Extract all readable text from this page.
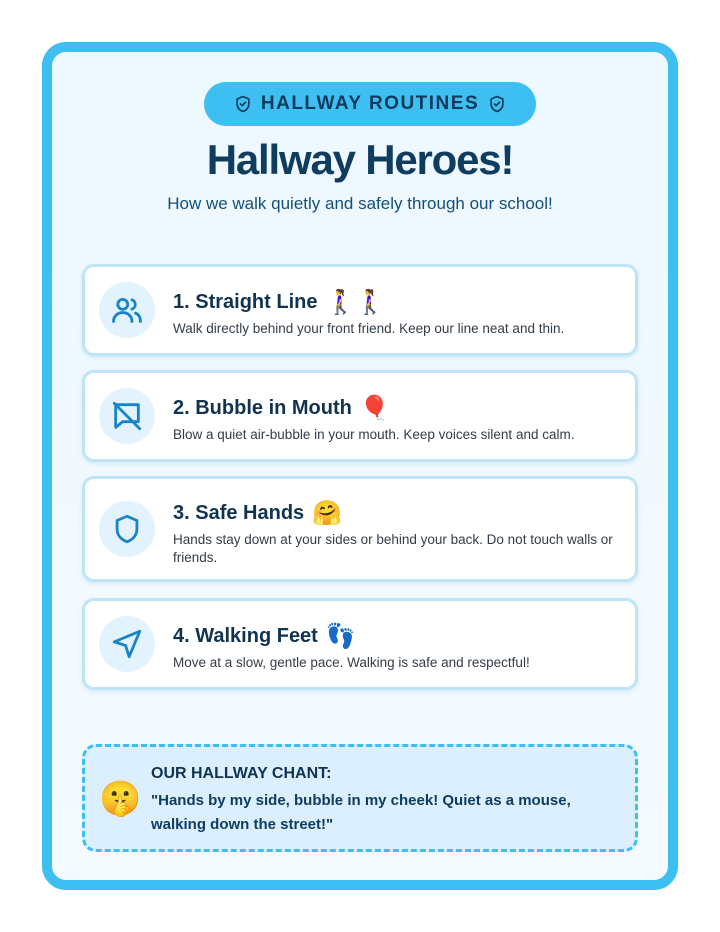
HALLWAY ROUTINES
Hallway Heroes!
How we walk quietly and safely through our school!
1. Straight Line 🚶‍♀️🚶‍♀️
Walk directly behind your front friend. Keep our line neat and thin.
2. Bubble in Mouth 🎈
Blow a quiet air-bubble in your mouth. Keep voices silent and calm.
3. Safe Hands 🤗
Hands stay down at your sides or behind your back. Do not touch walls or friends.
4. Walking Feet 👣
Move at a slow, gentle pace. Walking is safe and respectful!
🤫
OUR HALLWAY CHANT:
"Hands by my side, bubble in my cheek! Quiet as a mouse, walking down the street!"
